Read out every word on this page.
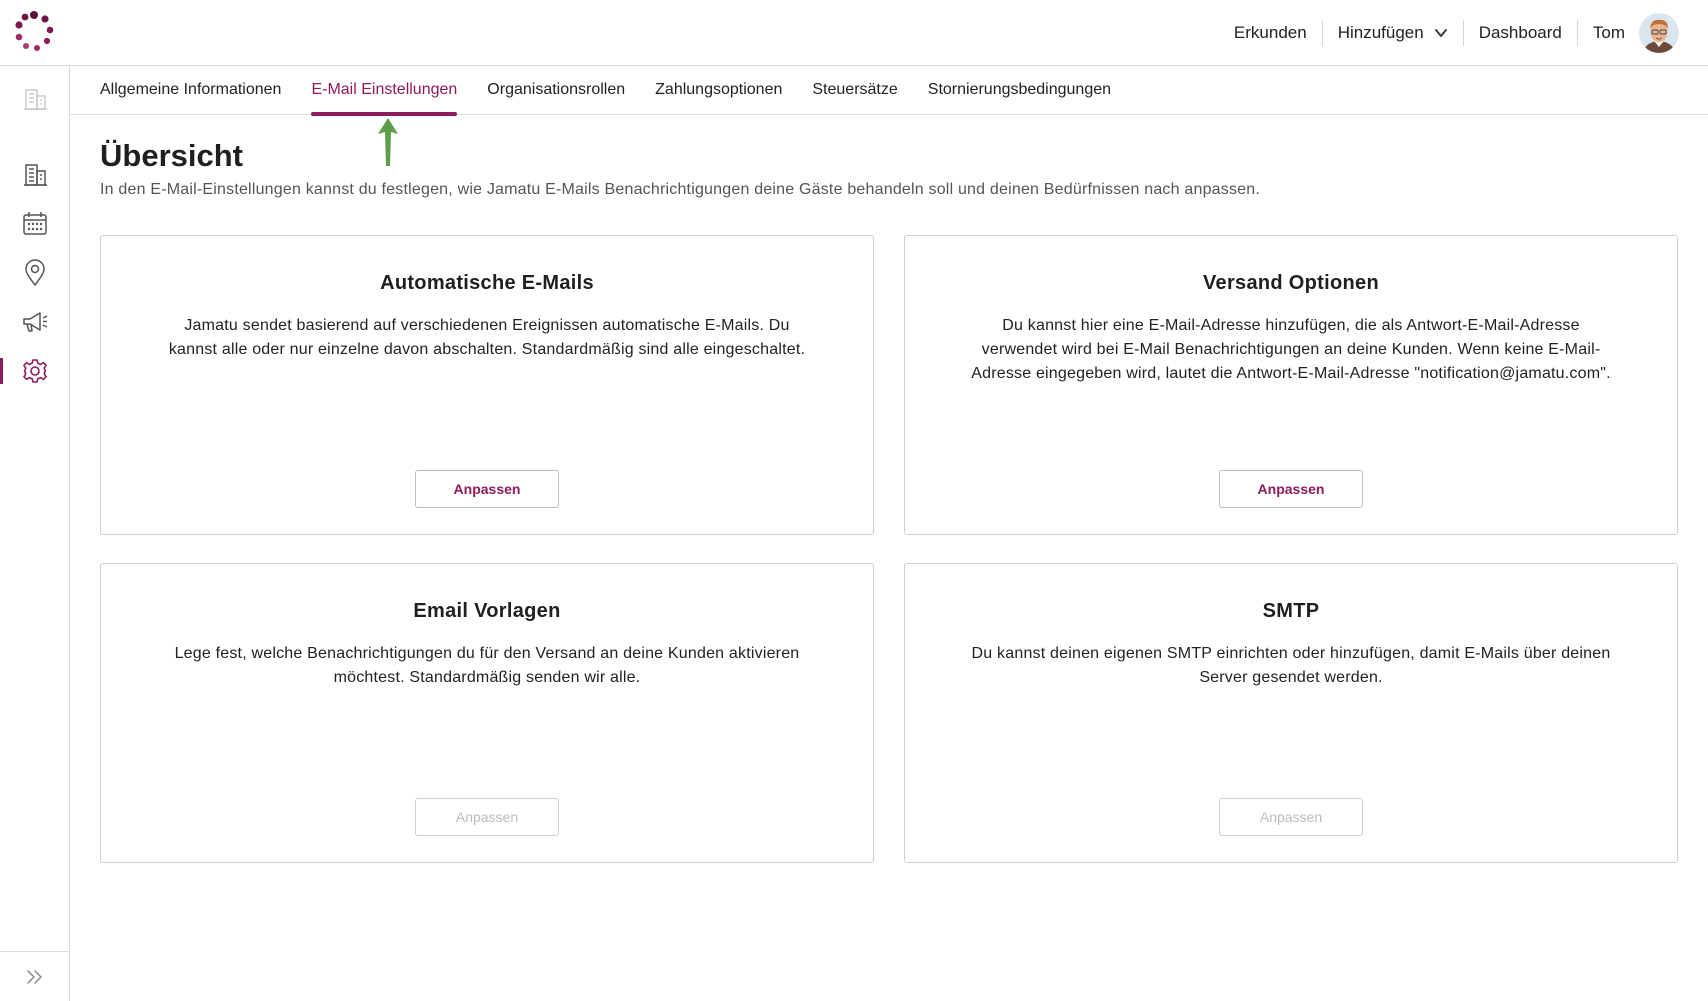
Erkunden Hinzufügen	Dashboard Tom
Allgemeine Informationen E-Mail Einstellungen Organisationsrollen Zahlungsoptionen Steuersätze Stornierungsbedingungen
Übersicht

In den E-Mail-Einstellungen kannst du festlegen, wie Jamatu E-Mails Benachrichtigungen deine Gäste behandeln soll und deinen Bedürfnissen nach anpassen.

Automatische E-Mails
Jamatu sendet basierend auf verschiedenen Ereignissen automatische E-Mails. Du kannst alle oder nur einzelne davon abschalten. Standardmäßig sind alle eingeschaltet.
Anpassen
Versand Optionen
Du kannst hier eine E-Mail-Adresse hinzufügen, die als Antwort-E-Mail-Adresse verwendet wird bei E-Mail Benachrichtigungen an deine Kunden. Wenn keine E-Mail-Adresse eingegeben wird, lautet die Antwort-E-Mail-Adresse "notification@jamatu.com".
Anpassen
Email Vorlagen
Lege fest, welche Benachrichtigungen du für den Versand an deine Kunden aktivieren möchtest. Standardmäßig senden wir alle.
Anpassen
SMTP
Du kannst deinen eigenen SMTP einrichten oder hinzufügen, damit E-Mails über deinen Server gesendet werden.
Anpassen
